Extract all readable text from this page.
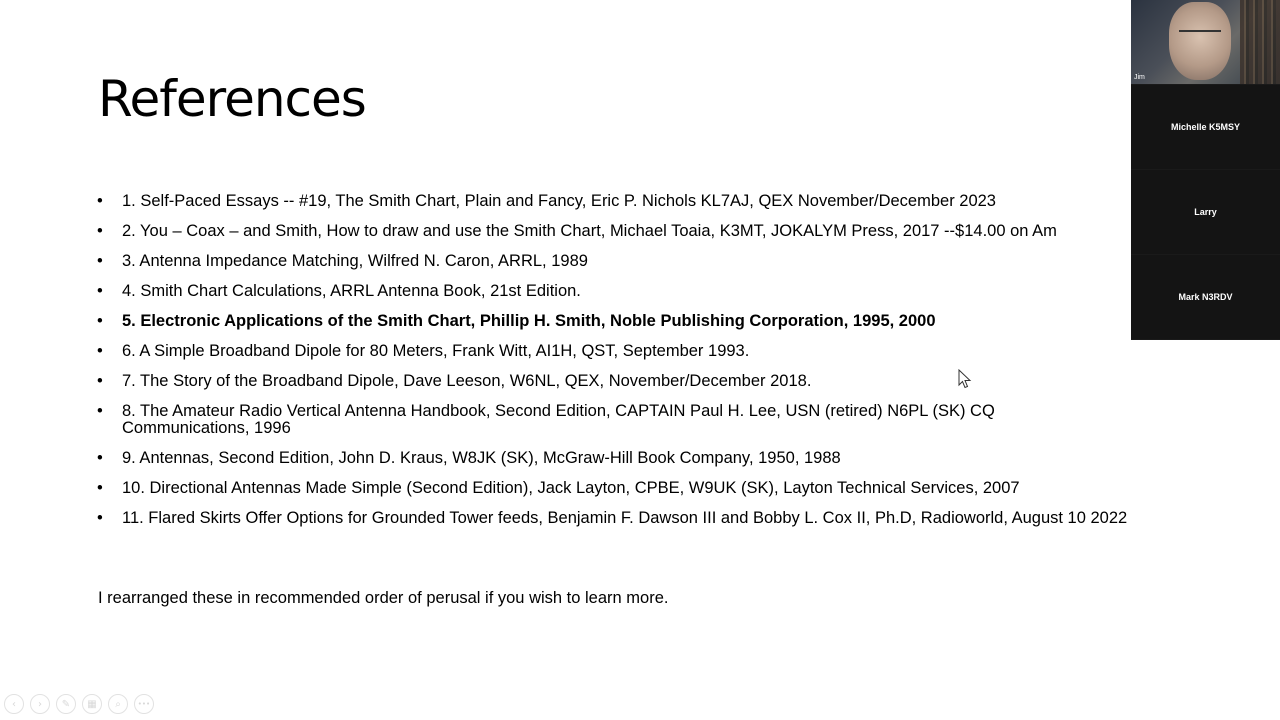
References
• 1. Self-Paced Essays -- #19, The Smith Chart, Plain and Fancy, Eric P. Nichols KL7AJ, QEX November/December 2023
• 2. You – Coax – and Smith, How to draw and use the Smith Chart, Michael Toaia, K3MT, JOKALYM Press, 2017 --$14.00 on Am
• 3. Antenna Impedance Matching, Wilfred N. Caron, ARRL, 1989
• 4. Smith Chart Calculations, ARRL Antenna Book, 21st Edition.
• 5. Electronic Applications of the Smith Chart, Phillip H. Smith, Noble Publishing Corporation, 1995, 2000
• 6. A Simple Broadband Dipole for 80 Meters, Frank Witt, AI1H, QST, September 1993.
• 7. The Story of the Broadband Dipole, Dave Leeson, W6NL, QEX, November/December 2018.
• 8. The Amateur Radio Vertical Antenna Handbook, Second Edition, CAPTAIN Paul H. Lee, USN (retired) N6PL (SK) CQ Communications, 1996
• 9. Antennas, Second Edition, John D. Kraus, W8JK (SK), McGraw-Hill Book Company, 1950, 1988
• 10. Directional Antennas Made Simple (Second Edition), Jack Layton, CPBE, W9UK (SK), Layton Technical Services, 2007
• 11. Flared Skirts Offer Options for Grounded Tower feeds, Benjamin F. Dawson III and Bobby L. Cox II, Ph.D, Radioworld, August 10 2022
I rearranged these in recommended order of perusal if you wish to learn more.
Jim
Michelle K5MSY
Larry
Mark N3RDV
‹	›	✎	▦	⌕	•••
